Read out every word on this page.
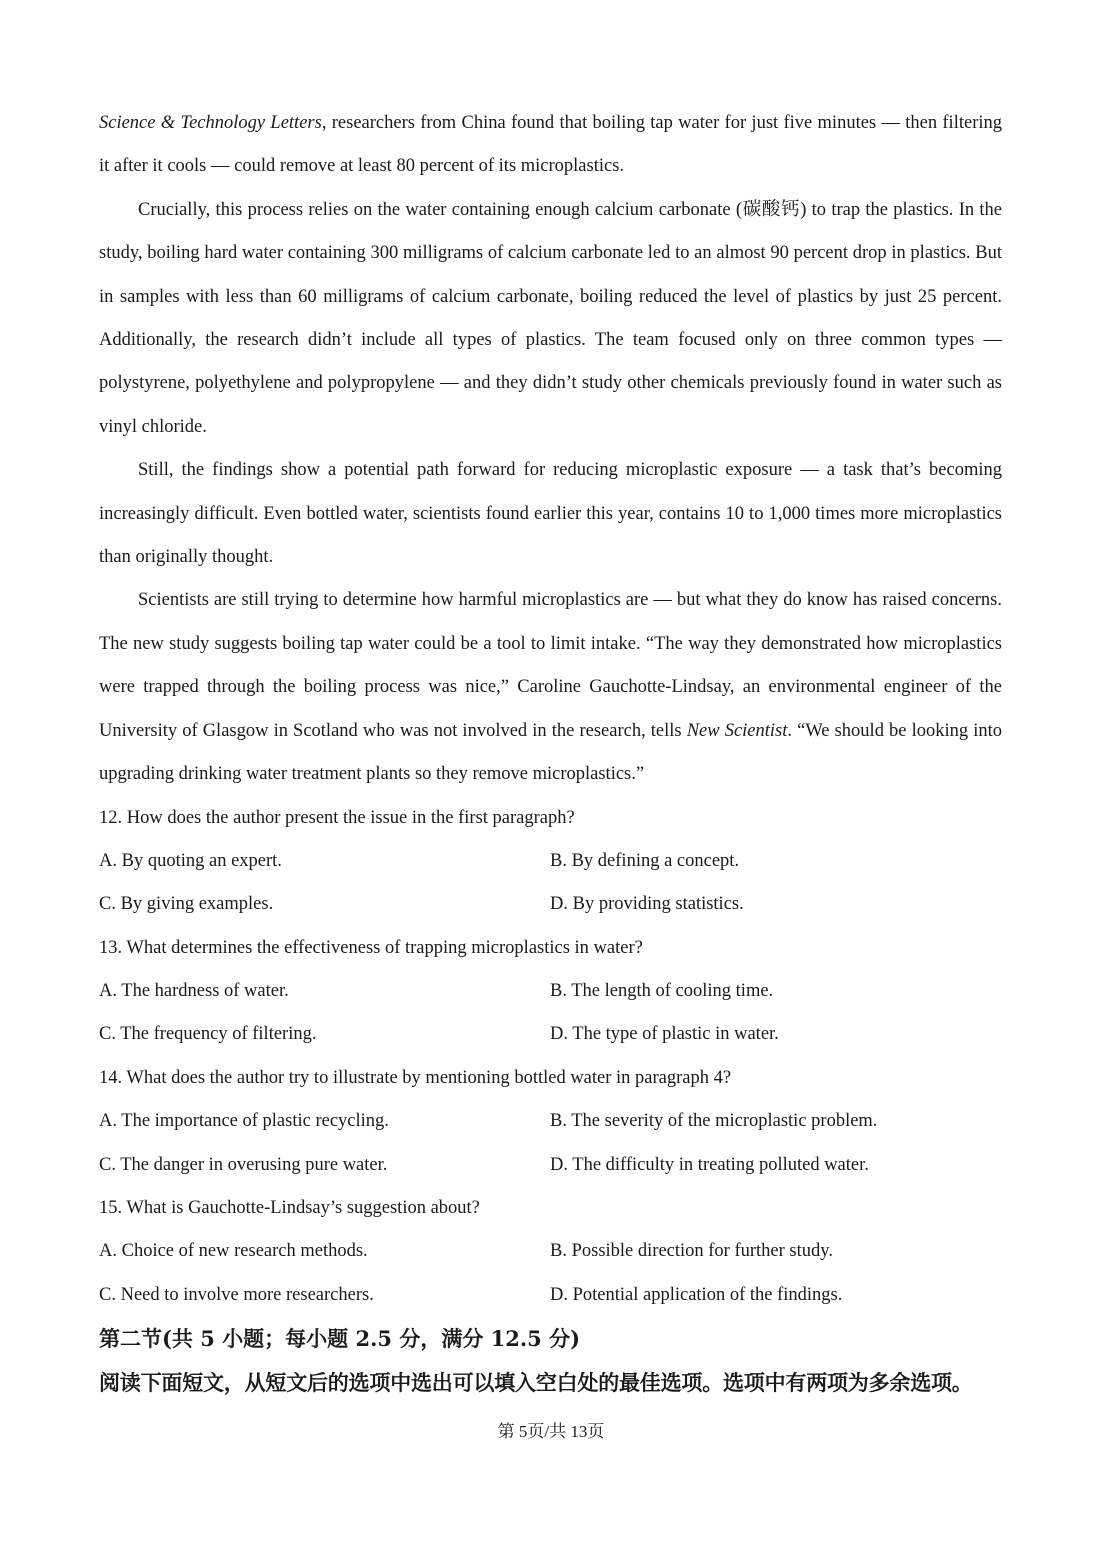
Science & Technology Letters, researchers from China found that boiling tap water for just five minutes — then filtering it after it cools — could remove at least 80 percent of its microplastics.

Crucially, this process relies on the water containing enough calcium carbonate (碳酸钙) to trap the plastics. In the study, boiling hard water containing 300 milligrams of calcium carbonate led to an almost 90 percent drop in plastics. But in samples with less than 60 milligrams of calcium carbonate, boiling reduced the level of plastics by just 25 percent. Additionally, the research didn’t include all types of plastics. The team focused only on three common types — polystyrene, polyethylene and polypropylene — and they didn’t study other chemicals previously found in water such as vinyl chloride.

Still, the findings show a potential path forward for reducing microplastic exposure — a task that’s becoming increasingly difficult. Even bottled water, scientists found earlier this year, contains 10 to 1,000 times more microplastics than originally thought.

Scientists are still trying to determine how harmful microplastics are — but what they do know has raised concerns. The new study suggests boiling tap water could be a tool to limit intake. “The way they demonstrated how microplastics were trapped through the boiling process was nice,” Caroline Gauchotte-Lindsay, an environmental engineer of the University of Glasgow in Scotland who was not involved in the research, tells New Scientist. “We should be looking into upgrading drinking water treatment plants so they remove microplastics.”

12. How does the author present the issue in the first paragraph?

A. By quoting an expert.	B. By defining a concept.
C. By giving examples.	D. By providing statistics.

13. What determines the effectiveness of trapping microplastics in water?

A. The hardness of water.	B. The length of cooling time.
C. The frequency of filtering.	D. The type of plastic in water.

14. What does the author try to illustrate by mentioning bottled water in paragraph 4?

A. The importance of plastic recycling.	B. The severity of the microplastic problem.
C. The danger in overusing pure water.	D. The difficulty in treating polluted water.

15. What is Gauchotte-Lindsay’s suggestion about?

A. Choice of new research methods.	B. Possible direction for further study.
C. Need to involve more researchers.	D. Potential application of the findings.

第二节(共 5 小题；每小题 2.5 分，满分 12.5 分)

阅读下面短文，从短文后的选项中选出可以填入空白处的最佳选项。选项中有两项为多余选项。

第 5页/共 13页
